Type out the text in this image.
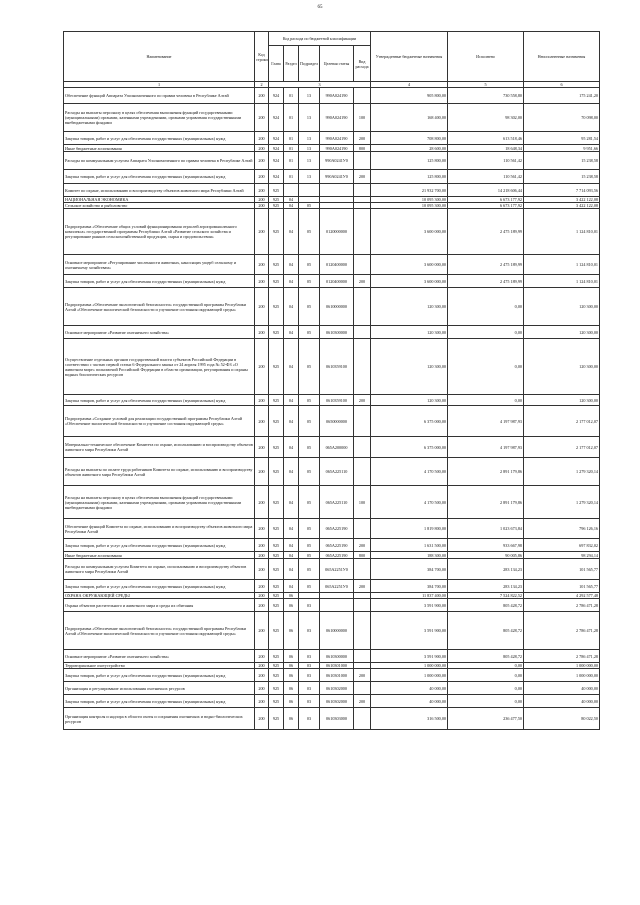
65
Наименование	Код строки	Код расхода по бюджетной классификации					Утвержденные бюджетные назначения	Исполнено	Неисполненные назначения
		Глава	Раздел	Подраздел	Целевая статья	Вид расхода			
1	2	3					4	5	6
Обеспечение функций Аппарата Уполномоченного по правам человека в Республике Алтай	200	924	01	13	990А024190		905 800,00	730 558,80	175 241,20
Расходы на выплаты персоналу в целях обеспечения выполнения функций государственными (муниципальными) органами, казенными учреждениями, органами управления государственными внебюджетными фондами	200	924	01	13	990А024190	100	168 400,00	98 302,00	70 098,00
Закупка товаров, работ и услуг для обеспечения государственных (муниципальных) нужд	200	924	01	13	990А024190	200	708 800,00	613 518,46	95 281,54
Иные бюджетные ассигнования	200	924	01	13	990А024190	800	28 600,00	18 648,34	9 951,66
Расходы по коммунальным услугам Аппарата Уполномоченного по правам человека в Республике Алтай	200	924	01	13	990А0241У0		125 800,00	110 561,42	15 238,58
Закупка товаров, работ и услуг для обеспечения государственных (муниципальных) нужд	200	924	01	13	990А0241У0	200	125 800,00	110 561,42	15 238,58
Комитет по охране, использованию и воспроизводству объектов животного мира Республики Алтай	200	925					21 932 700,00	14 218 606,44	7 714 093,56
НАЦИОНАЛЬНАЯ ЭКОНОМИКА	200	925	04				10 095 300,00	6 673 177,92	3 422 122,08
Сельское хозяйство и рыболовство	200	925	04	05			10 095 300,00	6 673 177,92	3 422 122,08
Подпрограмма «Обеспечение общих условий функционирования отраслей агропромышленного комплекса» государственной программы Республики Алтай «Развитие сельского хозяйства и регулирование рынков сельскохозяйственной продукции, сырья и продовольствия»	200	925	04	05	0120000000		3 600 000,00	2 475 189,99	1 124 810,01
Основное мероприятие «Регулирование численности животных, наносящих ущерб сельскому и охотничьему хозяйствам»	200	925	04	05	0120400000		3 600 000,00	2 475 189,99	1 124 810,01
Закупка товаров, работ и услуг для обеспечения государственных (муниципальных) нужд	200	925	04	05	0120400000	200	3 600 000,00	2 475 189,99	1 124 810,01
Подпрограмма «Обеспечение экологической безопасности» государственной программы Республики Алтай «Обеспечение экологической безопасности и улучшение состояния окружающей среды»	200	925	04	05	0610000000		120 300,00	0,00	120 300,00
Основное мероприятие «Развитие охотничьего хозяйства»	200	925	04	05	0610300000		120 300,00	0,00	120 300,00
Осуществление отдельных органов государственной власти субъектов Российской Федерации в соответствии с частью первой статьи 6 Федерального закона от 24 апреля 1995 года № 52-ФЗ «О животном мире» полномочий Российской Федерации в области организации, регулирования и охраны водных биологических ресурсов	200	925	04	05	0610359100		120 300,00	0,00	120 300,00
Закупка товаров, работ и услуг для обеспечения государственных (муниципальных) нужд	200	925	04	05	0610359100	200	120 300,00	0,00	120 300,00
Подпрограмма «Создание условий для реализации государственной программы Республики Алтай «Обеспечение экологической безопасности и улучшение состояния окружающей среды»	200	925	04	05	0650000000		6 375 000,00	4 197 987,93	2 177 012,07
Материально-техническое обеспечение Комитета по охране, использованию и воспроизводству объектов животного мира Республики Алтай	200	925	04	05	065А200000		6 375 000,00	4 197 987,93	2 177 012,07
Расходы на выплаты по оплате труда работников Комитета по охране, использованию и воспроизводству объектов животного мира Республики Алтай	200	925	04	05	065А225110		4 170 500,00	2 891 179,86	1 279 320,14
Расходы на выплаты персоналу в целях обеспечения выполнения функций государственными (муниципальными) органами, казенными учреждениями, органами управления государственными внебюджетными фондами	200	925	04	05	065А225110	100	4 170 500,00	2 891 179,86	1 279 320,14
Обеспечение функций Комитета по охране, использованию и воспроизводству объектов животного мира Республики Алтай	200	925	04	05	065А225190		1 819 800,00	1 023 673,84	796 126,16
Закупка товаров, работ и услуг для обеспечения государственных (муниципальных) нужд	200	925	04	05	065А225190	200	1 631 500,00	933 667,98	697 832,02
Иные бюджетные ассигнования	200	925	04	05	065А225190	800	188 300,00	90 005,86	98 294,14
Расходы по коммунальным услугам Комитета по охране, использованию и воспроизводству объектов животного мира Республики Алтай	200	925	04	05	065А2251У0		384 700,00	283 134,23	101 565,77
Закупка товаров, работ и услуг для обеспечения государственных (муниципальных) нужд	200	925	04	05	065А2251У0	200	384 700,00	283 134,23	101 565,77
ОХРАНА ОКРУЖАЮЩЕЙ СРЕДЫ	200	925	06				11 837 400,00	7 524 822,52	4 292 577,48
Охрана объектов растительного и животного мира и среды их обитания	200	925	06	03			3 591 900,00	805 428,72	2 786 471,28
Подпрограмма «Обеспечение экологической безопасности» государственной программы Республики Алтай «Обеспечение экологической безопасности и улучшение состояния окружающей среды»	200	925	06	03	0610000000		3 591 900,00	805 428,72	2 786 471,28
Основное мероприятие «Развитие охотничьего хозяйства»	200	925	06	03	0610300000		3 591 900,00	805 428,72	2 786 471,28
Территориальное охотустройство	200	925	06	03	0610301000		1 000 000,00	0,00	1 000 000,00
Закупка товаров, работ и услуг для обеспечения государственных (муниципальных) нужд	200	925	06	03	0610301000	200	1 000 000,00	0,00	1 000 000,00
Организация и регулирование использования охотничьих ресурсов	200	925	06	03	0610302000		40 000,00	0,00	40 000,00
Закупка товаров, работ и услуг для обеспечения государственных (муниципальных) нужд	200	925	06	03	0610302000	200	40 000,00	0,00	40 000,00
Организация контроля и надзора в области охоты и сохранения охотничьих и водно-биологических ресурсов	200	925	06	03	0610303000		316 500,00	236 477,50	80 022,50
